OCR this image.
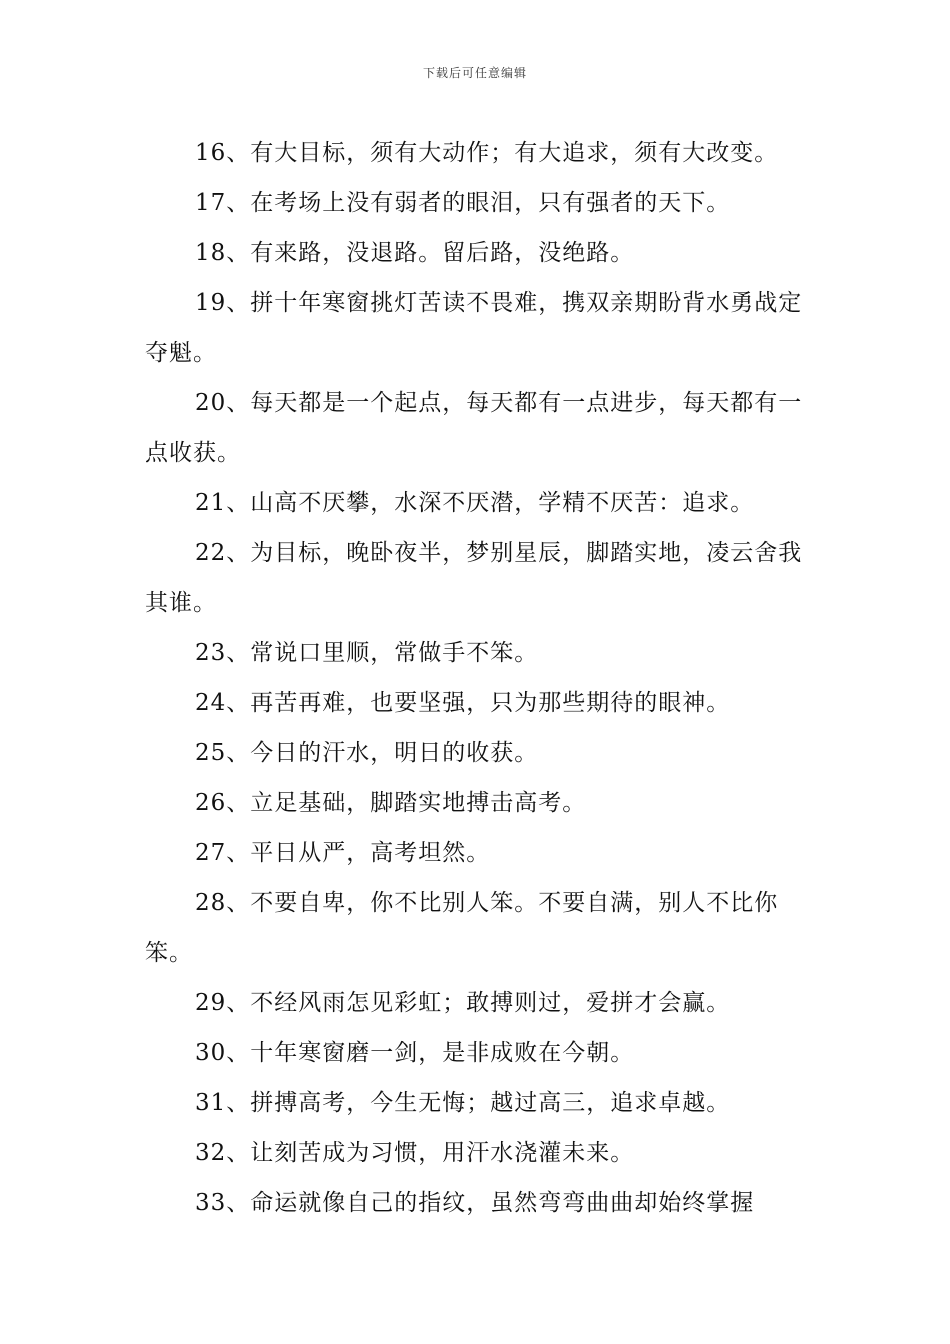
下载后可任意编辑

16、有大目标，须有大动作；有大追求，须有大改变。

17、在考场上没有弱者的眼泪，只有强者的天下。

18、有来路，没退路。留后路，没绝路。

19、拼十年寒窗挑灯苦读不畏难，携双亲期盼背水勇战定夺魁。

20、每天都是一个起点，每天都有一点进步，每天都有一点收获。

21、山高不厌攀，水深不厌潜，学精不厌苦：追求。

22、为目标，晚卧夜半，梦别星辰，脚踏实地，凌云舍我其谁。

23、常说口里顺，常做手不笨。

24、再苦再难，也要坚强，只为那些期待的眼神。

25、今日的汗水，明日的收获。

26、立足基础，脚踏实地搏击高考。

27、平日从严，高考坦然。

28、不要自卑，你不比别人笨。不要自满，别人不比你笨。

29、不经风雨怎见彩虹；敢搏则过，爱拼才会赢。

30、十年寒窗磨一剑，是非成败在今朝。

31、拼搏高考，今生无悔；越过高三，追求卓越。

32、让刻苦成为习惯，用汗水浇灌未来。

33、命运就像自己的指纹，虽然弯弯曲曲却始终掌握
